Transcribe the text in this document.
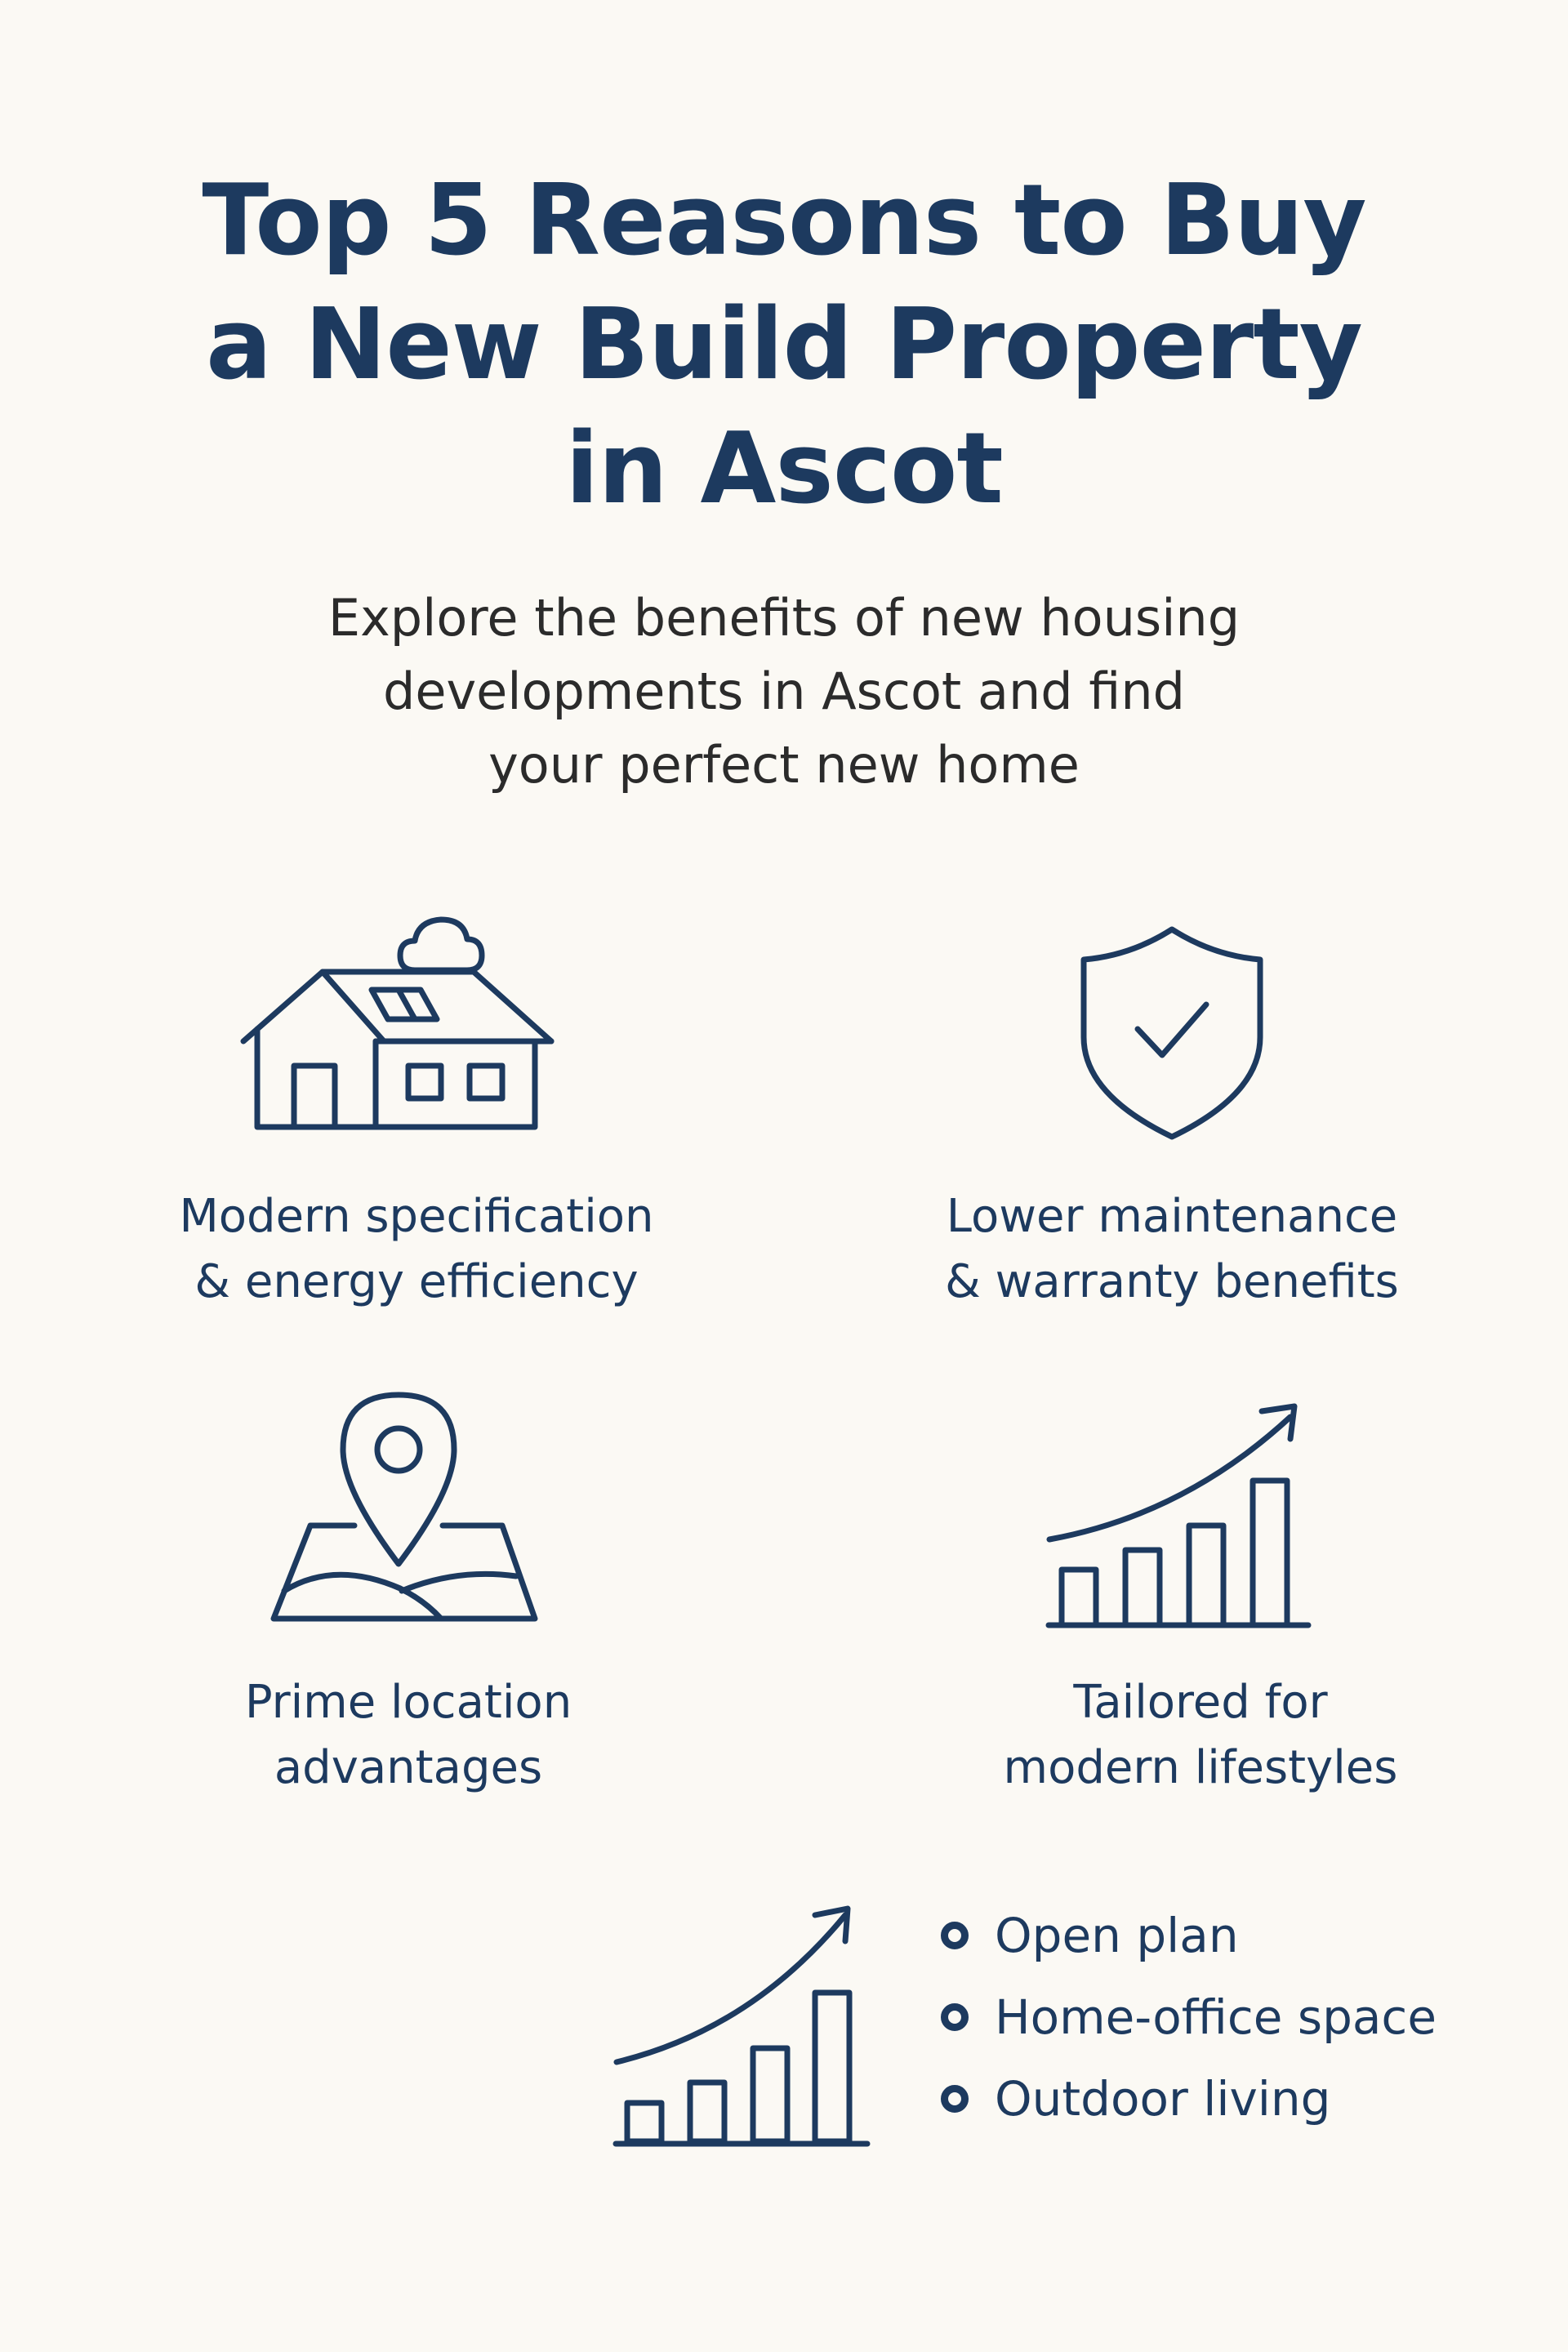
Top 5 Reasons to Buy
a New Build Property
in Ascot
Explore the benefits of new housing
developments in Ascot and find
your perfect new home
Modern specification
& energy efficiency
Lower maintenance
& warranty benefits
Prime location
advantages
Tailored for
modern lifestyles
Open plan
Home-office space
Outdoor living
